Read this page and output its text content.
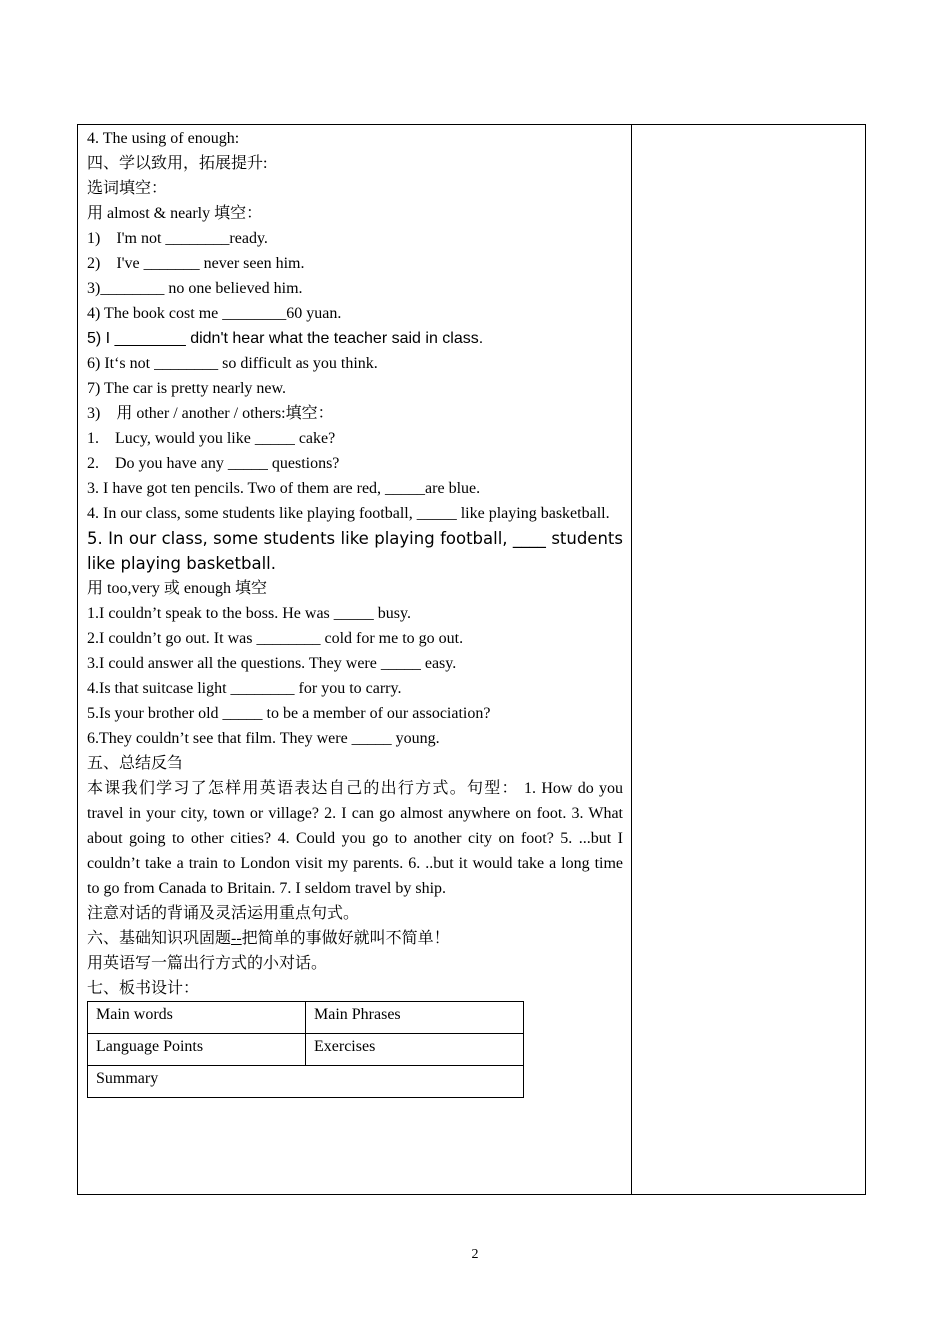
4. The using of enough:
四、学以致用，拓展提升:
选词填空：
用 almost & nearly 填空：
1)    I'm not ________ready.
2)    I've _______ never seen him.
3)________ no one believed him.
4) The book cost me ________60 yuan.
5) I ________ didn't hear what the teacher said in class.
6) It‘s not ________ so difficult as you think.
7) The car is pretty nearly new.
3)    用 other / another / others:填空：
1.    Lucy, would you like _____ cake?
2.    Do you have any _____ questions?
3. I have got ten pencils. Two of them are red, _____are blue.
4. In our class, some students like playing football, _____ like playing basketball.
5. In our class, some students like playing football, ____ students like playing basketball.
用 too,very 或 enough 填空
1.I couldn’t speak to the boss. He was _____ busy.
2.I couldn’t go out. It was ________ cold for me to go out.
3.I could answer all the questions. They were _____ easy.
4.Is that suitcase light ________ for you to carry.
5.Is your brother old _____ to be a member of our association?
6.They couldn’t see that film. They were _____ young.
五、总结反刍
本课我们学习了怎样用英语表达自己的出行方式。句型： 1. How do you travel in your city, town or village? 2. I can go almost anywhere on foot. 3. What about going to other cities? 4. Could you go to another city on foot? 5. ...but I couldn’t take a train to London visit my parents. 6. ..but it would take a long time to go from Canada to Britain. 7. I seldom travel by ship.
注意对话的背诵及灵活运用重点句式。
六、基础知识巩固题--把简单的事做好就叫不简单！
用英语写一篇出行方式的小对话。
七、板书设计：
Main words	Main Phrases
Language Points	Exercises
Summary	
2
